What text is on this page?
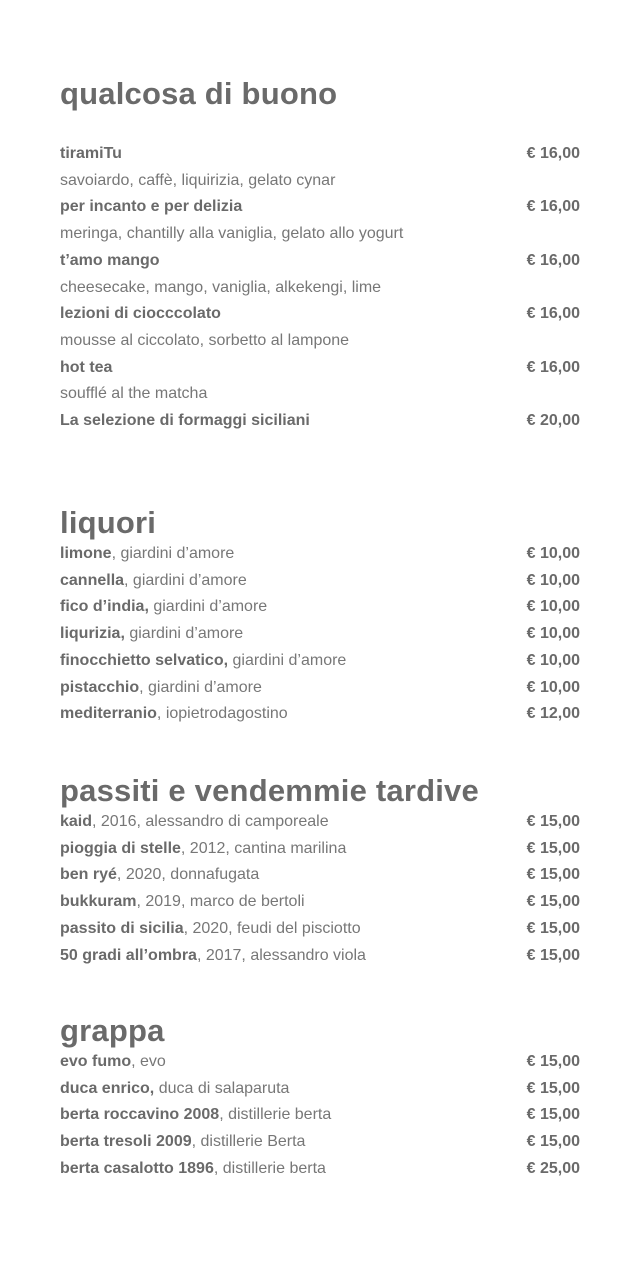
qualcosa di buono
tiramiTu	€ 16,00
savoiardo, caffè, liquirizia, gelato cynar
per incanto e per delizia	€ 16,00
meringa, chantilly alla vaniglia, gelato allo yogurt
t’amo mango	€ 16,00
cheesecake, mango, vaniglia, alkekengi, lime
lezioni di ciocccolato	€ 16,00
mousse al ciccolato, sorbetto al lampone
hot tea	€ 16,00
soufflé al the matcha
La selezione di formaggi siciliani	€ 20,00
liquori
limone, giardini d’amore	€ 10,00
cannella, giardini d’amore	€ 10,00
fico d’india, giardini d’amore	€ 10,00
liqurizia, giardini d’amore	€ 10,00
finocchietto selvatico, giardini d’amore	€ 10,00
pistacchio, giardini d’amore	€ 10,00
mediterranio, iopietrodagostino	€ 12,00
passiti e vendemmie tardive
kaid, 2016, alessandro di camporeale	€ 15,00
pioggia di stelle, 2012, cantina marilina	€ 15,00
ben ryé, 2020, donnafugata	€ 15,00
bukkuram, 2019, marco de bertoli	€ 15,00
passito di sicilia, 2020, feudi del pisciotto	€ 15,00
50 gradi all’ombra, 2017, alessandro viola	€ 15,00
grappa
evo fumo, evo	€ 15,00
duca enrico, duca di salaparuta	€ 15,00
berta roccavino 2008, distillerie berta	€ 15,00
berta tresoli 2009, distillerie Berta	€ 15,00
berta casalotto 1896, distillerie berta	€ 25,00
